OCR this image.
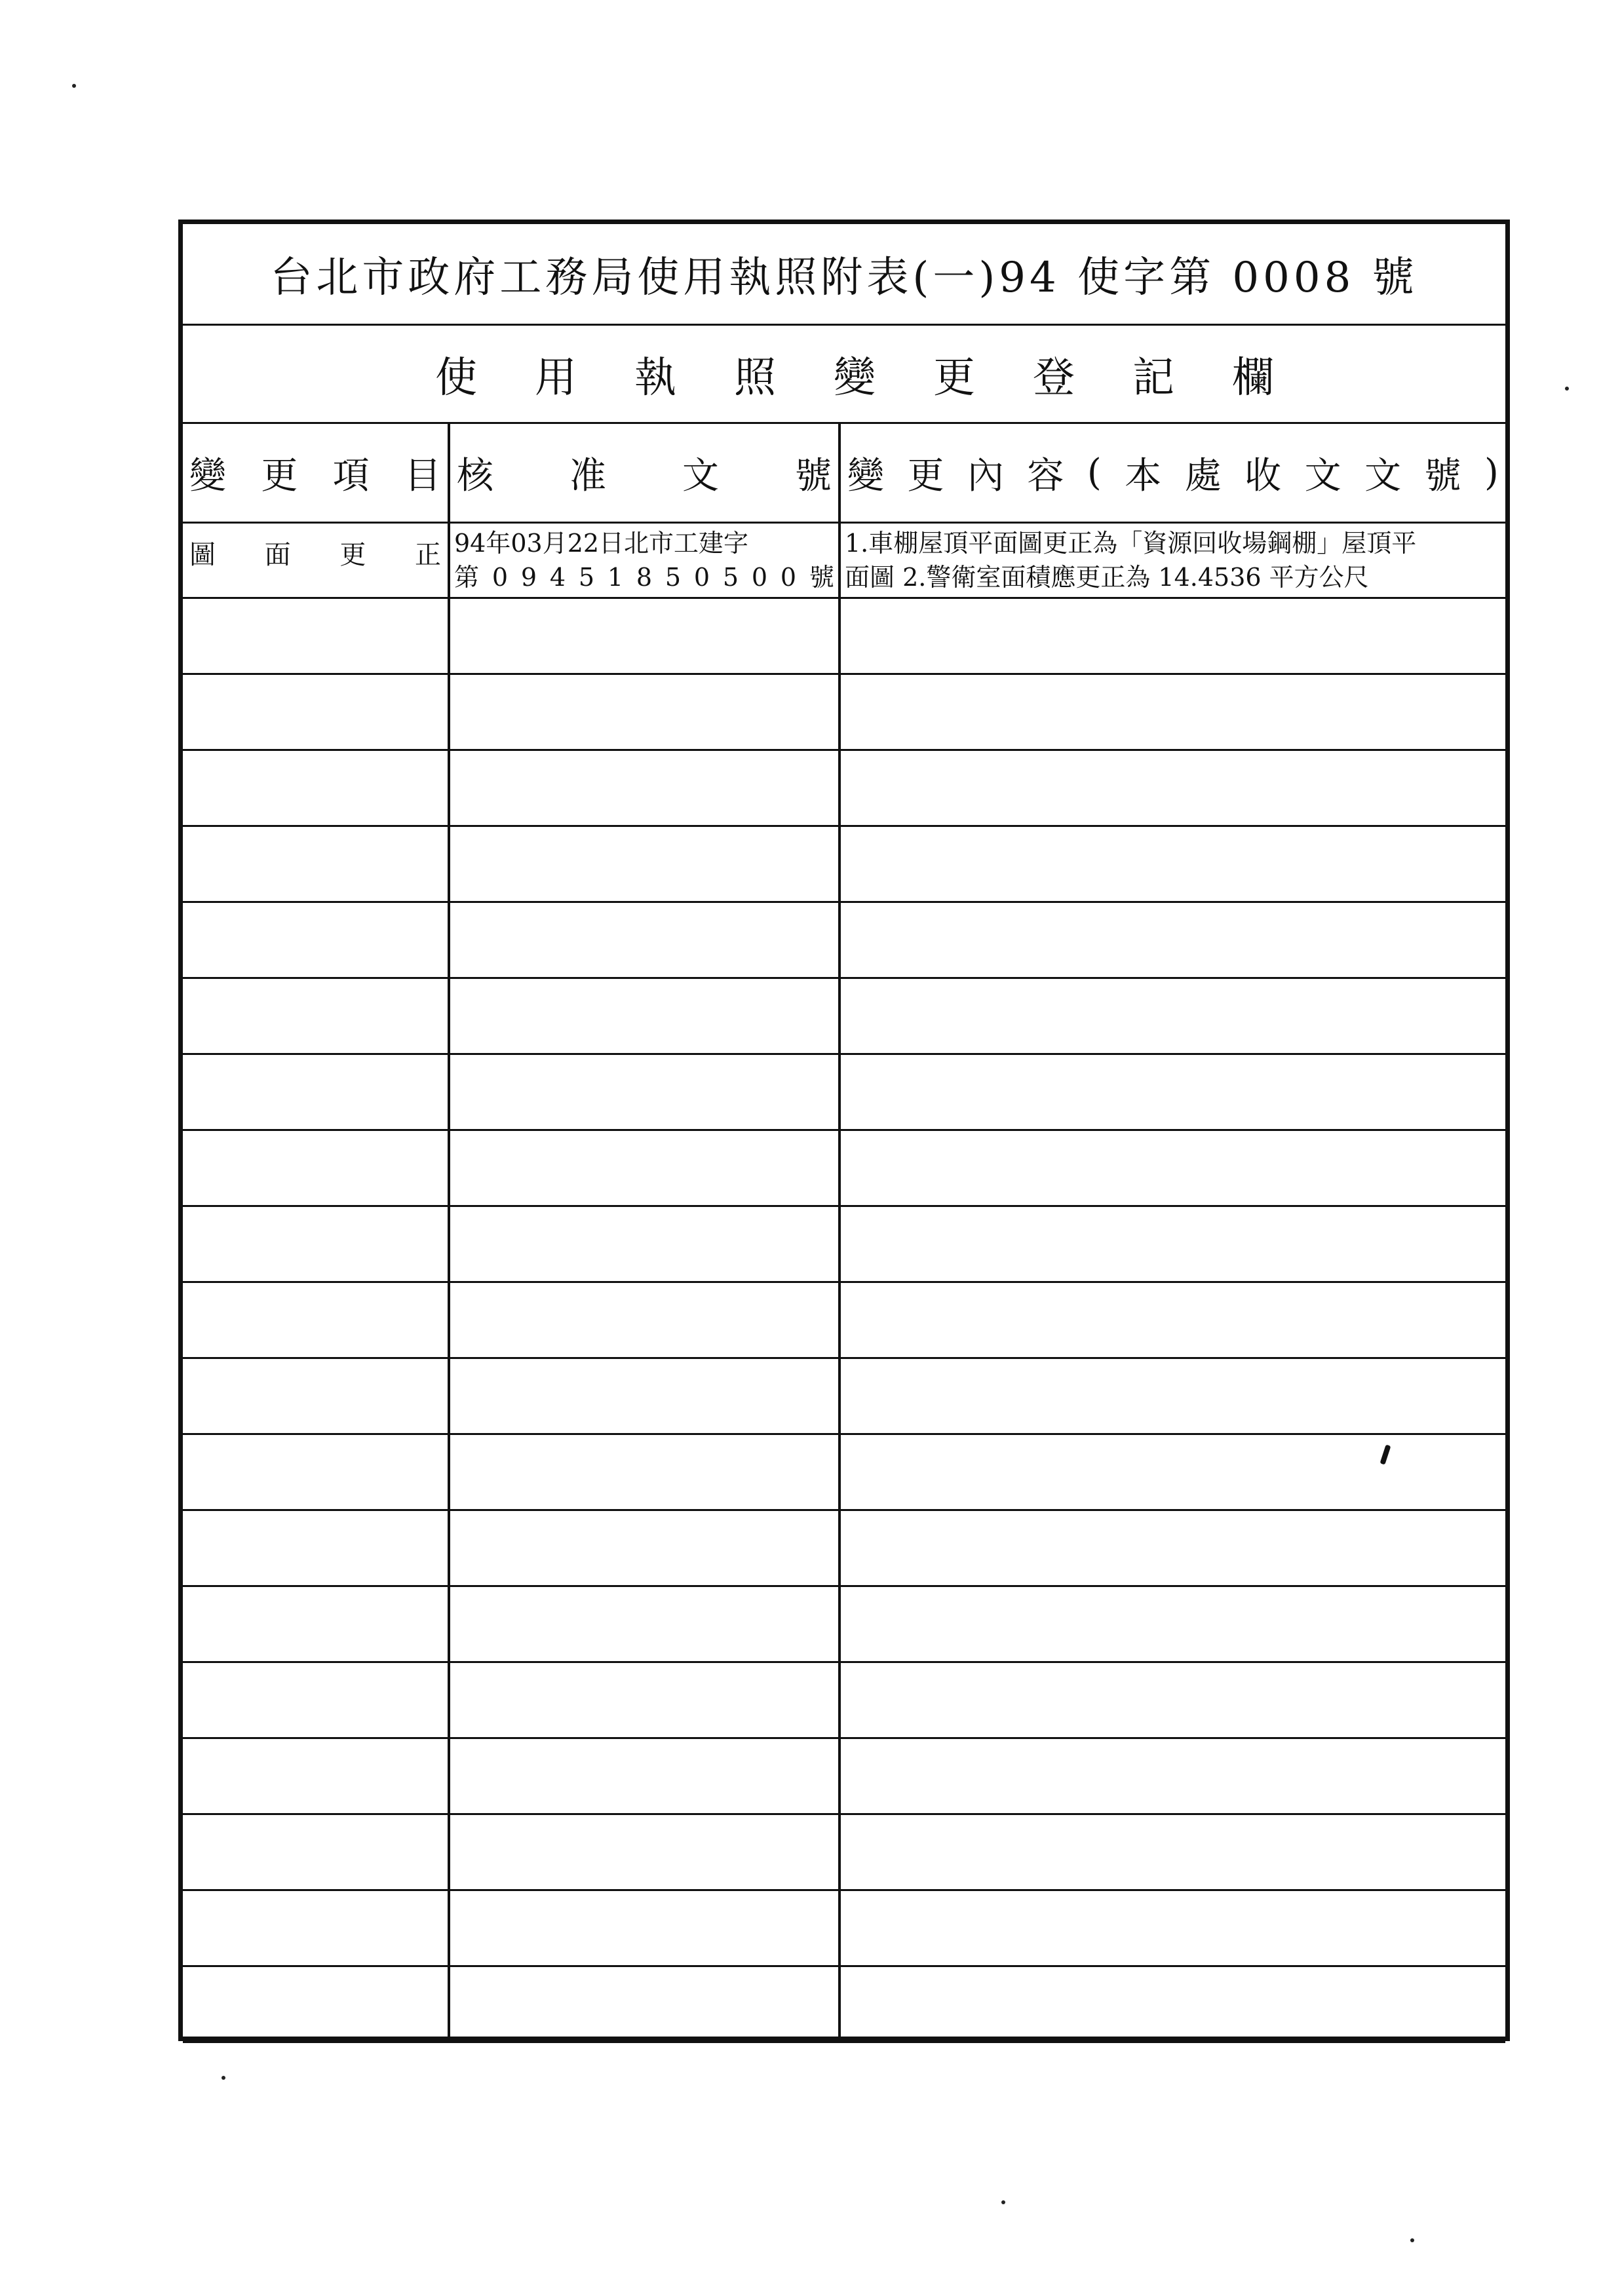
台北市政府工務局使用執照附表(一)94 使字第 0008 號
使用執照變更登記欄
變 更 項 目 核 准 文 號 變 更 內 容 ( 本 處 收 文 文 號 )
圖 面 更 正 94年03月22日北市工建字
第 0 9 4 5 1 8 5 0 5 0 0 號
1.車棚屋頂平面圖更正為「資源回收場鋼棚」屋頂平
面圖 2.警衛室面積應更正為 14.4536 平方公尺
